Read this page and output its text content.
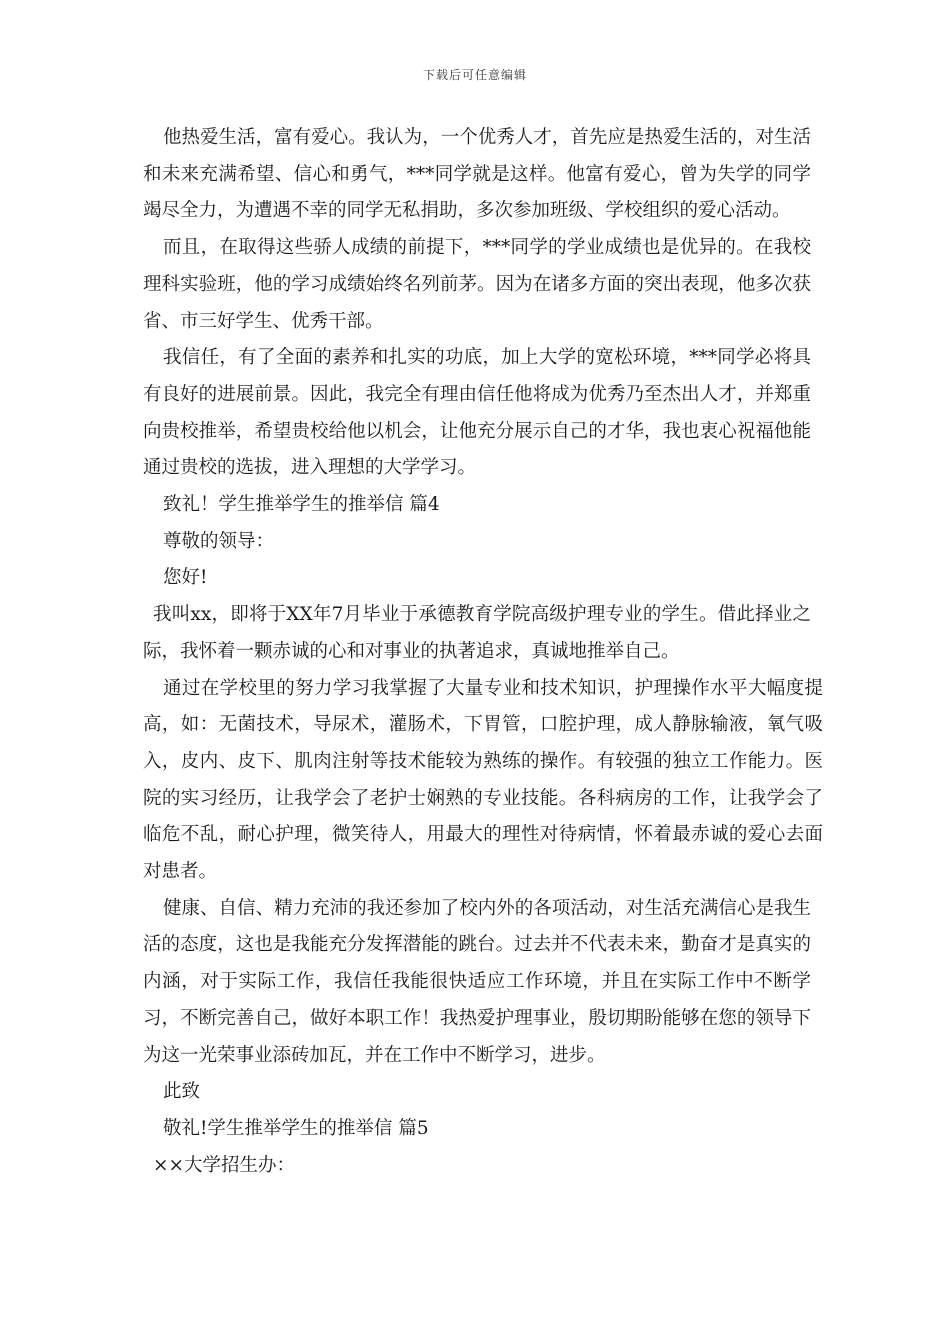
下载后可任意编辑

他热爱生活，富有爱心。我认为，一个优秀人才，首先应是热爱生活的，对生活和未来充满希望、信心和勇气，***同学就是这样。他富有爱心，曾为失学的同学竭尽全力，为遭遇不幸的同学无私捐助，多次参加班级、学校组织的爱心活动。

而且，在取得这些骄人成绩的前提下，***同学的学业成绩也是优异的。在我校理科实验班，他的学习成绩始终名列前茅。因为在诸多方面的突出表现，他多次获省、市三好学生、优秀干部。

我信任，有了全面的素养和扎实的功底，加上大学的宽松环境，***同学必将具有良好的进展前景。因此，我完全有理由信任他将成为优秀乃至杰出人才，并郑重向贵校推举，希望贵校给他以机会，让他充分展示自己的才华，我也衷心祝福他能通过贵校的选拔，进入理想的大学学习。

致礼！学生推举学生的推举信 篇4

尊敬的领导：

您好!

我叫xx，即将于XX年7月毕业于承德教育学院高级护理专业的学生。借此择业之际，我怀着一颗赤诚的心和对事业的执著追求，真诚地推举自己。

通过在学校里的努力学习我掌握了大量专业和技术知识，护理操作水平大幅度提高，如：无菌技术，导尿术，灌肠术，下胃管，口腔护理，成人静脉输液，氧气吸入，皮内、皮下、肌肉注射等技术能较为熟练的操作。有较强的独立工作能力。医院的实习经历，让我学会了老护士娴熟的专业技能。各科病房的工作，让我学会了临危不乱，耐心护理，微笑待人，用最大的理性对待病情，怀着最赤诚的爱心去面对患者。

健康、自信、精力充沛的我还参加了校内外的各项活动，对生活充满信心是我生活的态度，这也是我能充分发挥潜能的跳台。过去并不代表未来，勤奋才是真实的内涵，对于实际工作，我信任我能很快适应工作环境，并且在实际工作中不断学习，不断完善自己，做好本职工作！我热爱护理事业，殷切期盼能够在您的领导下为这一光荣事业添砖加瓦，并在工作中不断学习，进步。

此致

敬礼!学生推举学生的推举信 篇5

××大学招生办：
